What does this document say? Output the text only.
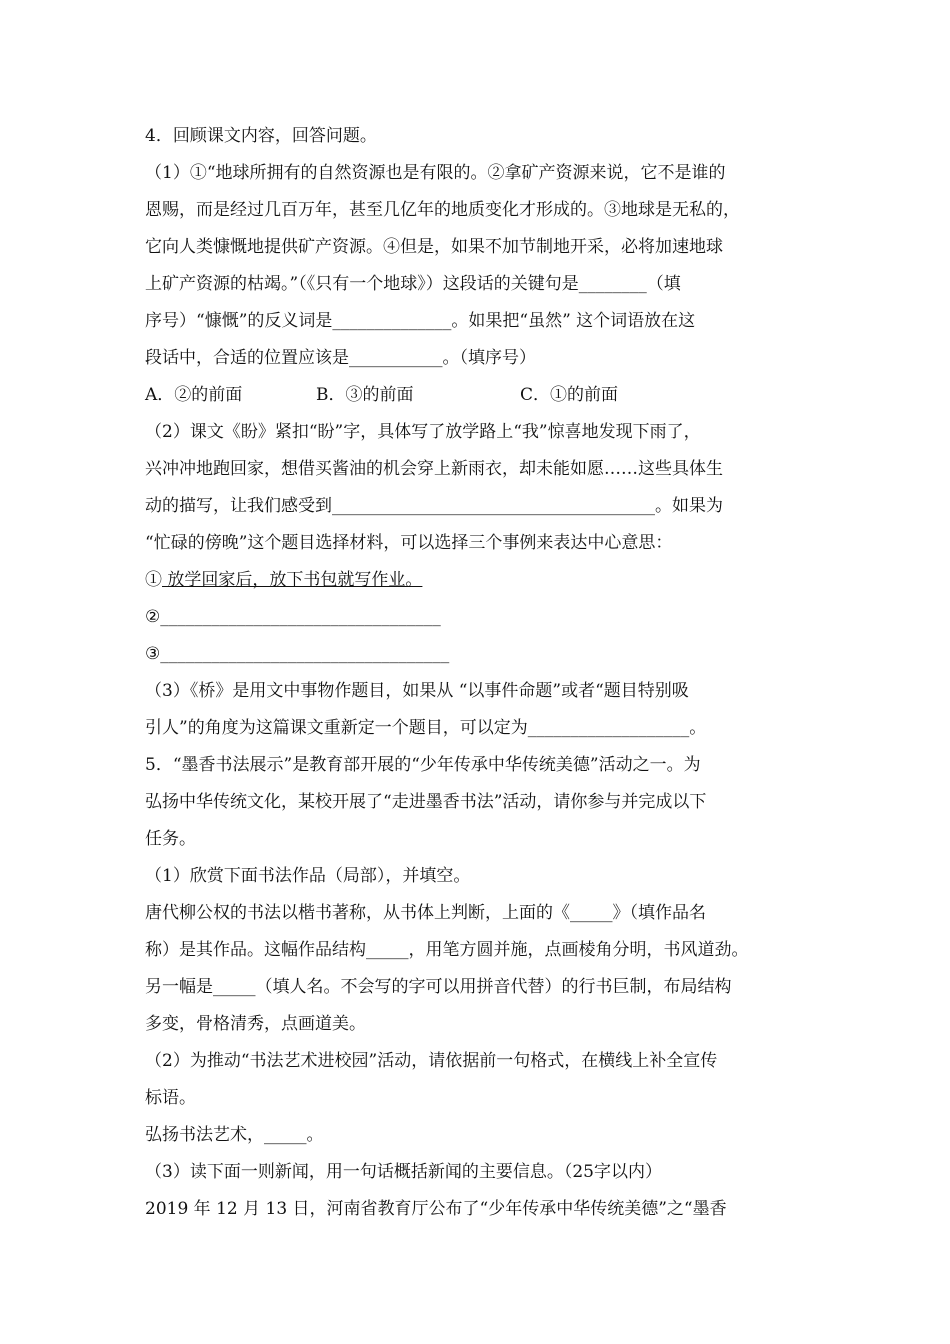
4．回顾课文内容，回答问题。
（1）①“地球所拥有的自然资源也是有限的。②拿矿产资源来说，它不是谁的
恩赐，而是经过几百万年，甚至几亿年的地质变化才形成的。③地球是无私的，
它向人类慷慨地提供矿产资源。④但是，如果不加节制地开采，必将加速地球
上矿产资源的枯竭。”（《只有一个地球》）这段话的关键句是________（填
序号）“慷慨”的反义词是______________。如果把“虽然” 这个词语放在这
段话中，合适的位置应该是___________。（填序号）
A．②的前面	B．③的前面	C．①的前面
（2）课文《盼》紧扣“盼”字，具体写了放学路上“我”惊喜地发现下雨了，
兴冲冲地跑回家，想借买酱油的机会穿上新雨衣，却未能如愿……这些具体生
动的描写，让我们感受到______________________________________。如果为
“忙碌的傍晚”这个题目选择材料，可以选择三个事例来表达中心意思：
① 放学回家后，放下书包就写作业。
②_________________________________
③__________________________________
（3）《桥》是用文中事物作题目，如果从 “以事件命题”或者“题目特别吸
引人”的角度为这篇课文重新定一个题目，可以定为___________________。
5．“墨香书法展示”是教育部开展的“少年传承中华传统美德”活动之一。为
弘扬中华传统文化，某校开展了“走进墨香书法”活动，请你参与并完成以下
任务。
（1）欣赏下面书法作品（局部），并填空。
唐代柳公权的书法以楷书著称，从书体上判断，上面的《_____》（填作品名
称）是其作品。这幅作品结构_____，用笔方圆并施，点画棱角分明，书风道劲。
另一幅是_____（填人名。不会写的字可以用拼音代替）的行书巨制，布局结构
多变，骨格清秀，点画道美。
（2）为推动“书法艺术进校园”活动，请依据前一句格式，在横线上补全宣传
标语。
弘扬书法艺术，_____。
（3）读下面一则新闻，用一句话概括新闻的主要信息。（25字以内）
2019 年 12 月 13 日，河南省教育厅公布了“少年传承中华传统美德”之“墨香
